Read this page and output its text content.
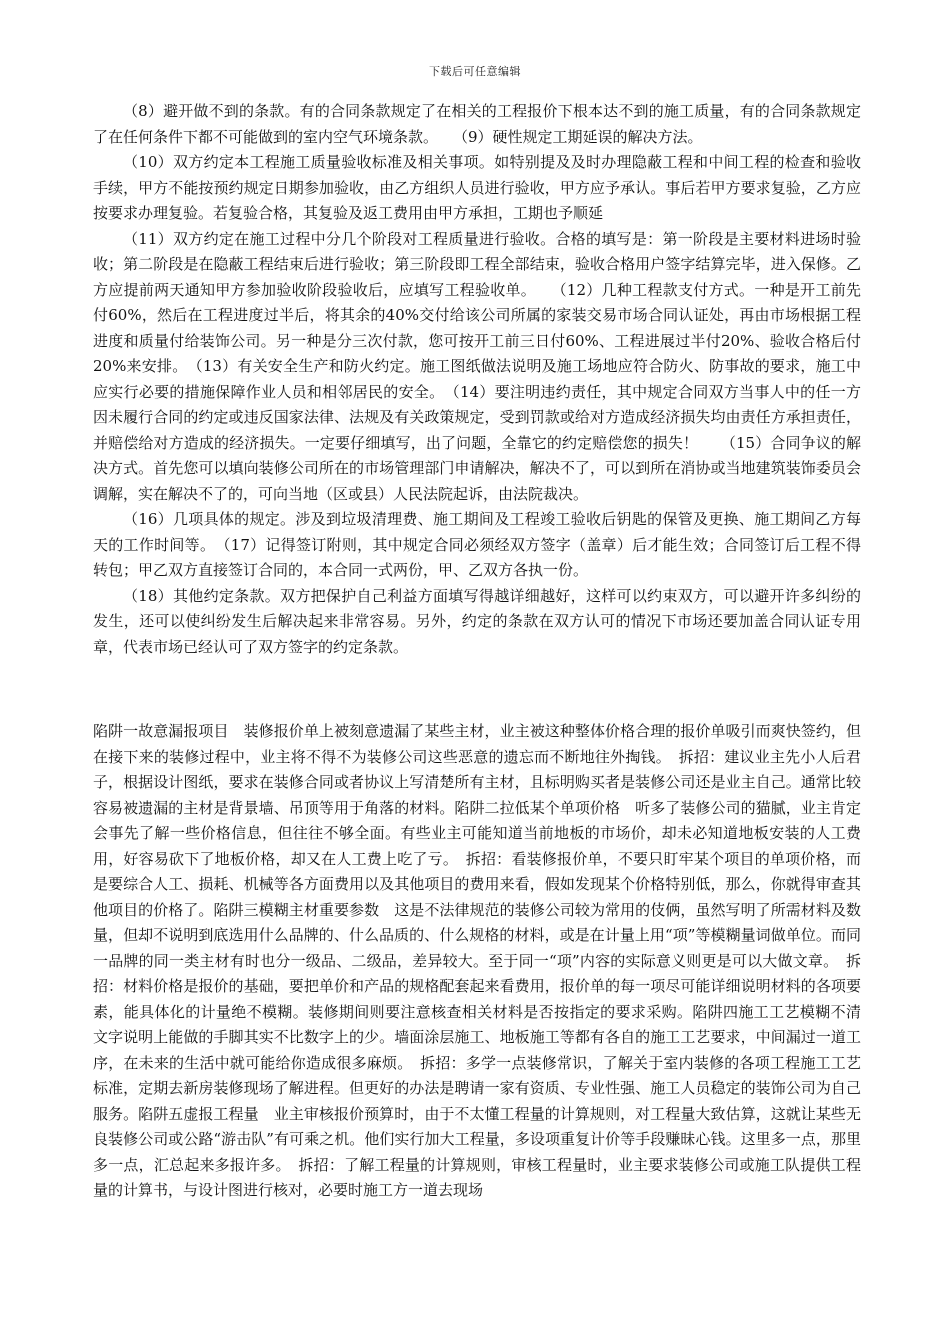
下载后可任意编辑

（8）避开做不到的条款。有的合同条款规定了在相关的工程报价下根本达不到的施工质量，有的合同条款规定了在任何条件下都不可能做到的室内空气环境条款。　　（9）硬性规定工期延误的解决方法。

（10）双方约定本工程施工质量验收标准及相关事项。如特别提及及时办理隐蔽工程和中间工程的检查和验收手续，甲方不能按预约规定日期参加验收，由乙方组织人员进行验收，甲方应予承认。事后若甲方要求复验，乙方应按要求办理复验。若复验合格，其复验及返工费用由甲方承担，工期也予顺延

（11）双方约定在施工过程中分几个阶段对工程质量进行验收。合格的填写是：第一阶段是主要材料进场时验收；第二阶段是在隐蔽工程结束后进行验收；第三阶段即工程全部结束，验收合格用户签字结算完毕，进入保修。乙方应提前两天通知甲方参加验收阶段验收后，应填写工程验收单。　　（12）几种工程款支付方式。一种是开工前先付60%，然后在工程进度过半后，将其余的40%交付给该公司所属的家装交易市场合同认证处，再由市场根据工程进度和质量付给装饰公司。另一种是分三次付款，您可按开工前三日付60%、工程进展过半付20%、验收合格后付20%来安排。　（13）有关安全生产和防火约定。施工图纸做法说明及施工场地应符合防火、防事故的要求，施工中应实行必要的措施保障作业人员和相邻居民的安全。　（14）要注明违约责任，其中规定合同双方当事人中的任一方因未履行合同的约定或违反国家法律、法规及有关政策规定，受到罚款或给对方造成经济损失均由责任方承担责任，并赔偿给对方造成的经济损失。一定要仔细填写，出了问题，全靠它的约定赔偿您的损失！　　（15）合同争议的解决方式。首先您可以填向装修公司所在的市场管理部门申请解决，解决不了，可以到所在消协或当地建筑装饰委员会调解，实在解决不了的，可向当地（区或县）人民法院起诉，由法院裁决。

（16）几项具体的规定。涉及到垃圾清理费、施工期间及工程竣工验收后钥匙的保管及更换、施工期间乙方每天的工作时间等。　（17）记得签订附则，其中规定合同必须经双方签字（盖章）后才能生效；合同签订后工程不得转包；甲乙双方直接签订合同的，本合同一式两份，甲、乙双方各执一份。

（18）其他约定条款。双方把保护自己利益方面填写得越详细越好，这样可以约束双方，可以避开许多纠纷的发生，还可以使纠纷发生后解决起来非常容易。另外，约定的条款在双方认可的情况下市场还要加盖合同认证专用章，代表市场已经认可了双方签字的约定条款。

陷阱一故意漏报项目　装修报价单上被刻意遗漏了某些主材，业主被这种整体价格合理的报价单吸引而爽快签约，但在接下来的装修过程中，业主将不得不为装修公司这些恶意的遗忘而不断地往外掏钱。　拆招：建议业主先小人后君子，根据设计图纸，要求在装修合同或者协议上写清楚所有主材，且标明购买者是装修公司还是业主自己。通常比较容易被遗漏的主材是背景墙、吊顶等用于角落的材料。陷阱二拉低某个单项价格　听多了装修公司的猫腻，业主肯定会事先了解一些价格信息，但往往不够全面。有些业主可能知道当前地板的市场价，却未必知道地板安装的人工费用，好容易砍下了地板价格，却又在人工费上吃了亏。　拆招：看装修报价单，不要只盯牢某个项目的单项价格，而是要综合人工、损耗、机械等各方面费用以及其他项目的费用来看，假如发现某个价格特别低，那么，你就得审查其他项目的价格了。陷阱三模糊主材重要参数　这是不法律规范的装修公司较为常用的伎俩，虽然写明了所需材料及数量，但却不说明到底选用什么品牌的、什么品质的、什么规格的材料，或是在计量上用“项”等模糊量词做单位。而同一品牌的同一类主材有时也分一级品、二级品，差异较大。至于同一“项”内容的实际意义则更是可以大做文章。　拆招：材料价格是报价的基础，要把单价和产品的规格配套起来看费用，报价单的每一项尽可能详细说明材料的各项要素，能具体化的计量绝不模糊。装修期间则要注意核查相关材料是否按指定的要求采购。陷阱四施工工艺模糊不清　文字说明上能做的手脚其实不比数字上的少。墙面涂层施工、地板施工等都有各自的施工工艺要求，中间漏过一道工序，在未来的生活中就可能给你造成很多麻烦。　拆招：多学一点装修常识，了解关于室内装修的各项工程施工工艺标准，定期去新房装修现场了解进程。但更好的办法是聘请一家有资质、专业性强、施工人员稳定的装饰公司为自己服务。陷阱五虚报工程量　业主审核报价预算时，由于不太懂工程量的计算规则，对工程量大致估算，这就让某些无良装修公司或公路“游击队”有可乘之机。他们实行加大工程量，多设项重复计价等手段赚昧心钱。这里多一点，那里多一点，汇总起来多报许多。　拆招：了解工程量的计算规则，审核工程量时，业主要求装修公司或施工队提供工程量的计算书，与设计图进行核对，必要时施工方一道去现场
